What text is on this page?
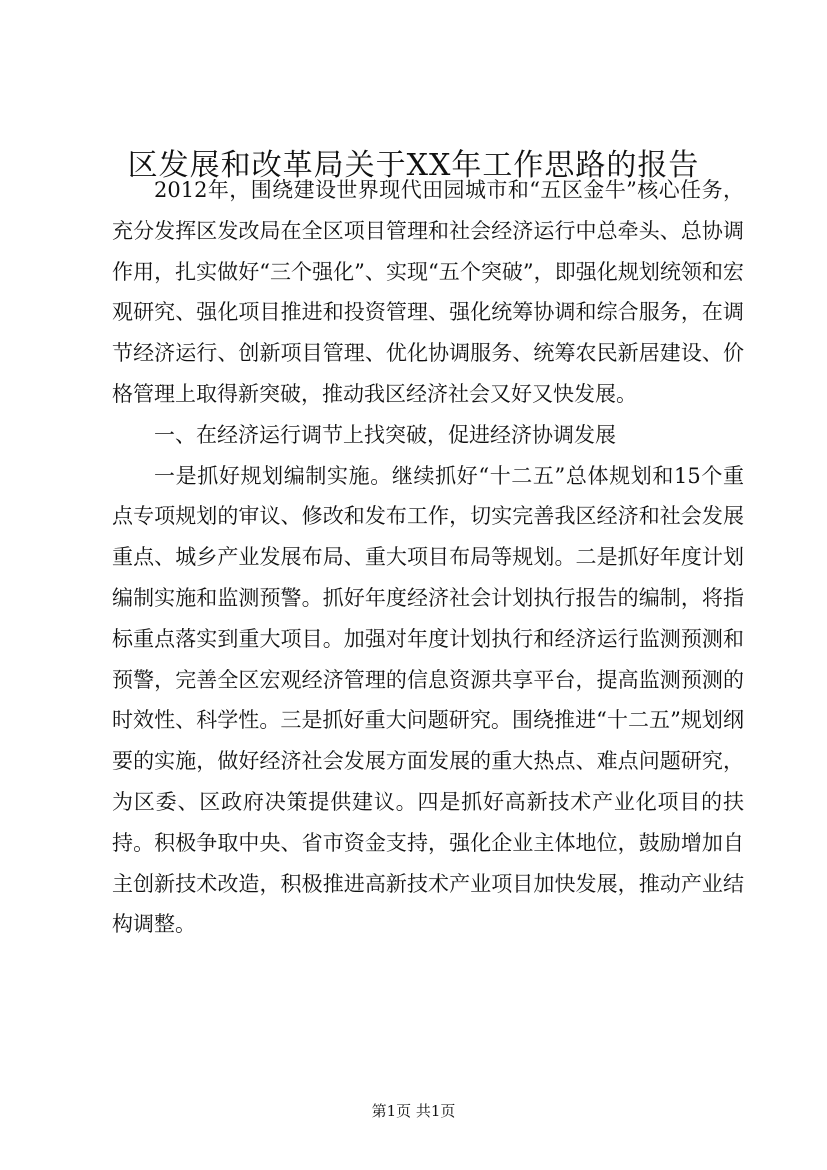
区发展和改革局关于XX年工作思路的报告

2012年，围绕建设世界现代田园城市和“五区金牛”核心任务，充分发挥区发改局在全区项目管理和社会经济运行中总牵头、总协调作用，扎实做好“三个强化”、实现“五个突破”，即强化规划统领和宏观研究、强化项目推进和投资管理、强化统筹协调和综合服务，在调节经济运行、创新项目管理、优化协调服务、统筹农民新居建设、价格管理上取得新突破，推动我区经济社会又好又快发展。

一、在经济运行调节上找突破，促进经济协调发展

一是抓好规划编制实施。继续抓好“十二五”总体规划和15个重点专项规划的审议、修改和发布工作，切实完善我区经济和社会发展重点、城乡产业发展布局、重大项目布局等规划。二是抓好年度计划编制实施和监测预警。抓好年度经济社会计划执行报告的编制，将指标重点落实到重大项目。加强对年度计划执行和经济运行监测预测和预警，完善全区宏观经济管理的信息资源共享平台，提高监测预测的时效性、科学性。三是抓好重大问题研究。围绕推进“十二五”规划纲要的实施，做好经济社会发展方面发展的重大热点、难点问题研究，为区委、区政府决策提供建议。四是抓好高新技术产业化项目的扶持。积极争取中央、省市资金支持，强化企业主体地位，鼓励增加自主创新技术改造，积极推进高新技术产业项目加快发展，推动产业结构调整。

第1页 共1页
